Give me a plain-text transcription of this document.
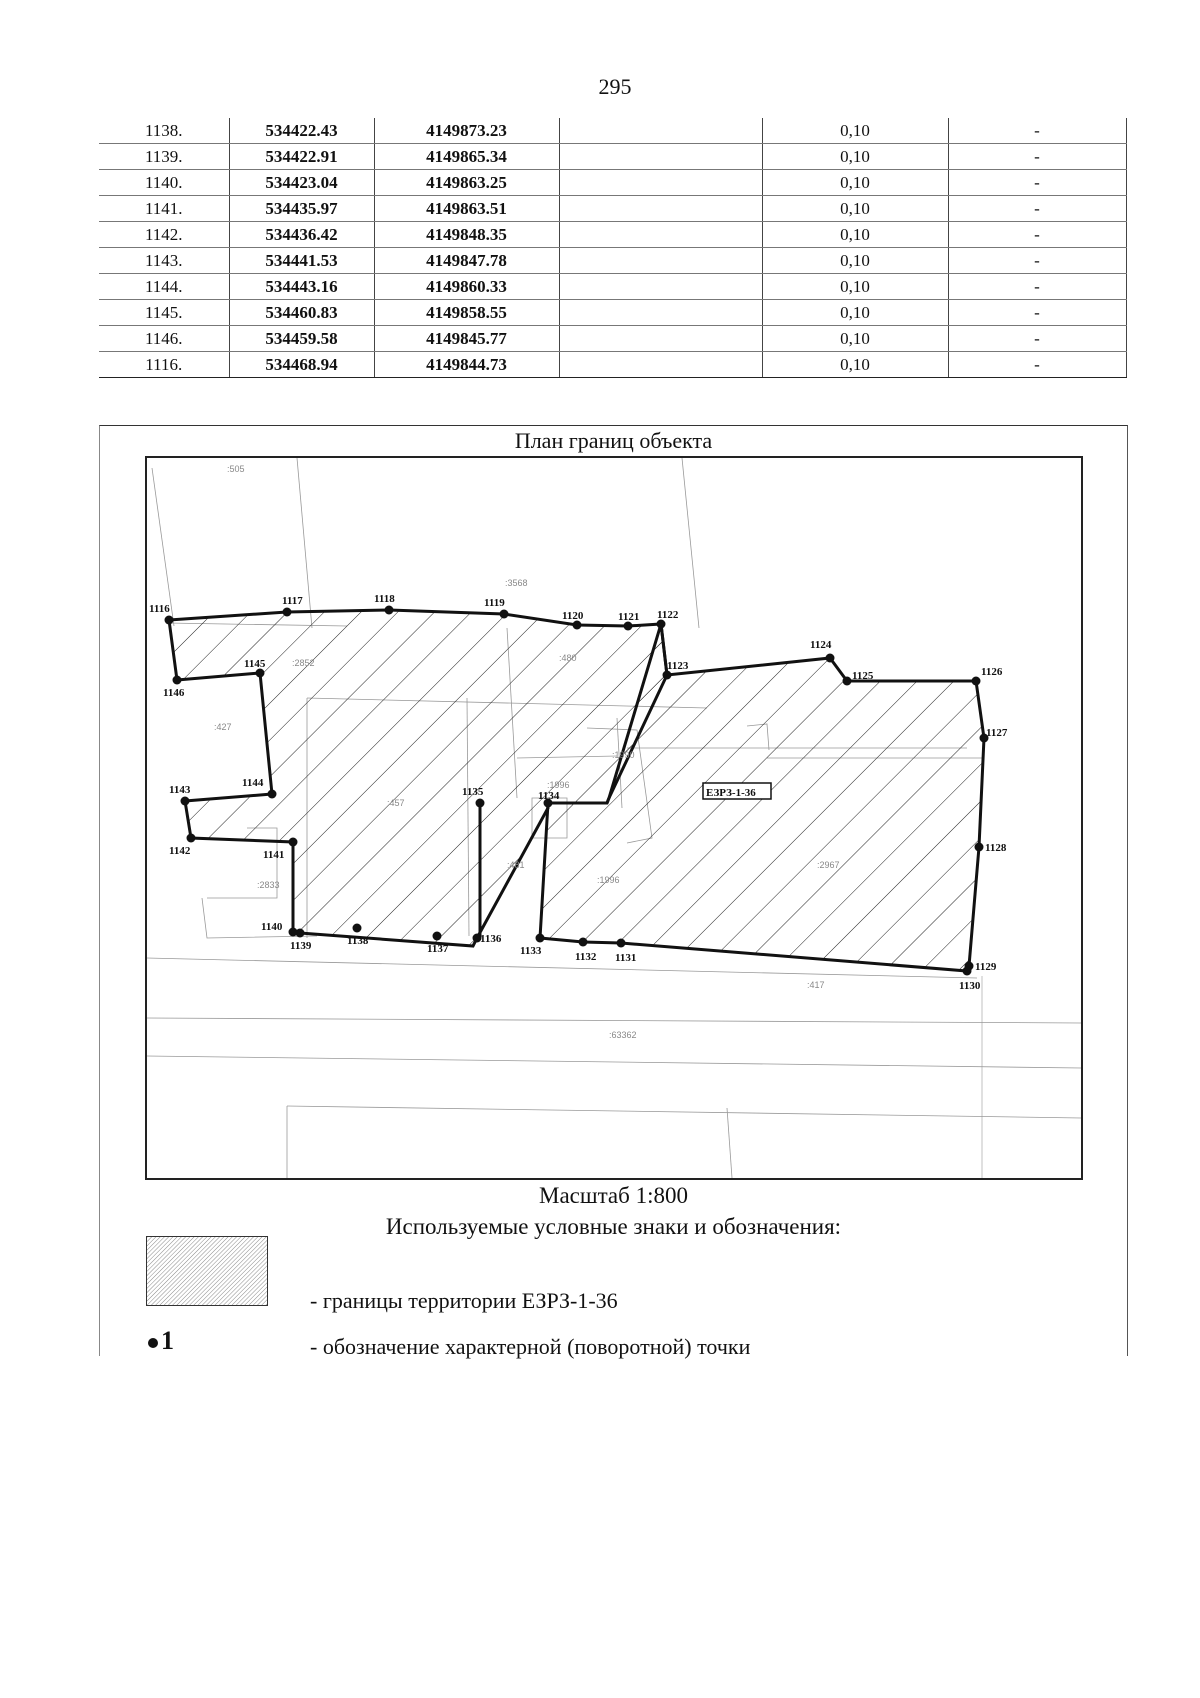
295
1138.	534422.43	4149873.23		0,10	-
1139.	534422.91	4149865.34		0,10	-
1140.	534423.04	4149863.25		0,10	-
1141.	534435.97	4149863.51		0,10	-
1142.	534436.42	4149848.35		0,10	-
1143.	534441.53	4149847.78		0,10	-
1144.	534443.16	4149860.33		0,10	-
1145.	534460.83	4149858.55		0,10	-
1146.	534459.58	4149845.77		0,10	-
1116.	534468.94	4149844.73		0,10	-
План границ объекта
1116
1117	1118	1119
1120	1121 1122
1123
1124
1125	1126
1127
1128
1129
1130
1131
1132
1133
1134
1135
1136
1137
1138
1139
1140
1141
1142
1143
1144
1145
1146
:505
:3568
:2852	:480
:427
:1990
:1996
:457
:481
:1996
:2967
:2833
:417
:63362
ЕЗРЗ-1-36
Масштаб 1:800
Используемые условные знаки и обозначения:
- границы территории ЕЗРЗ-1-36
1	- обозначение характерной (поворотной) точки
